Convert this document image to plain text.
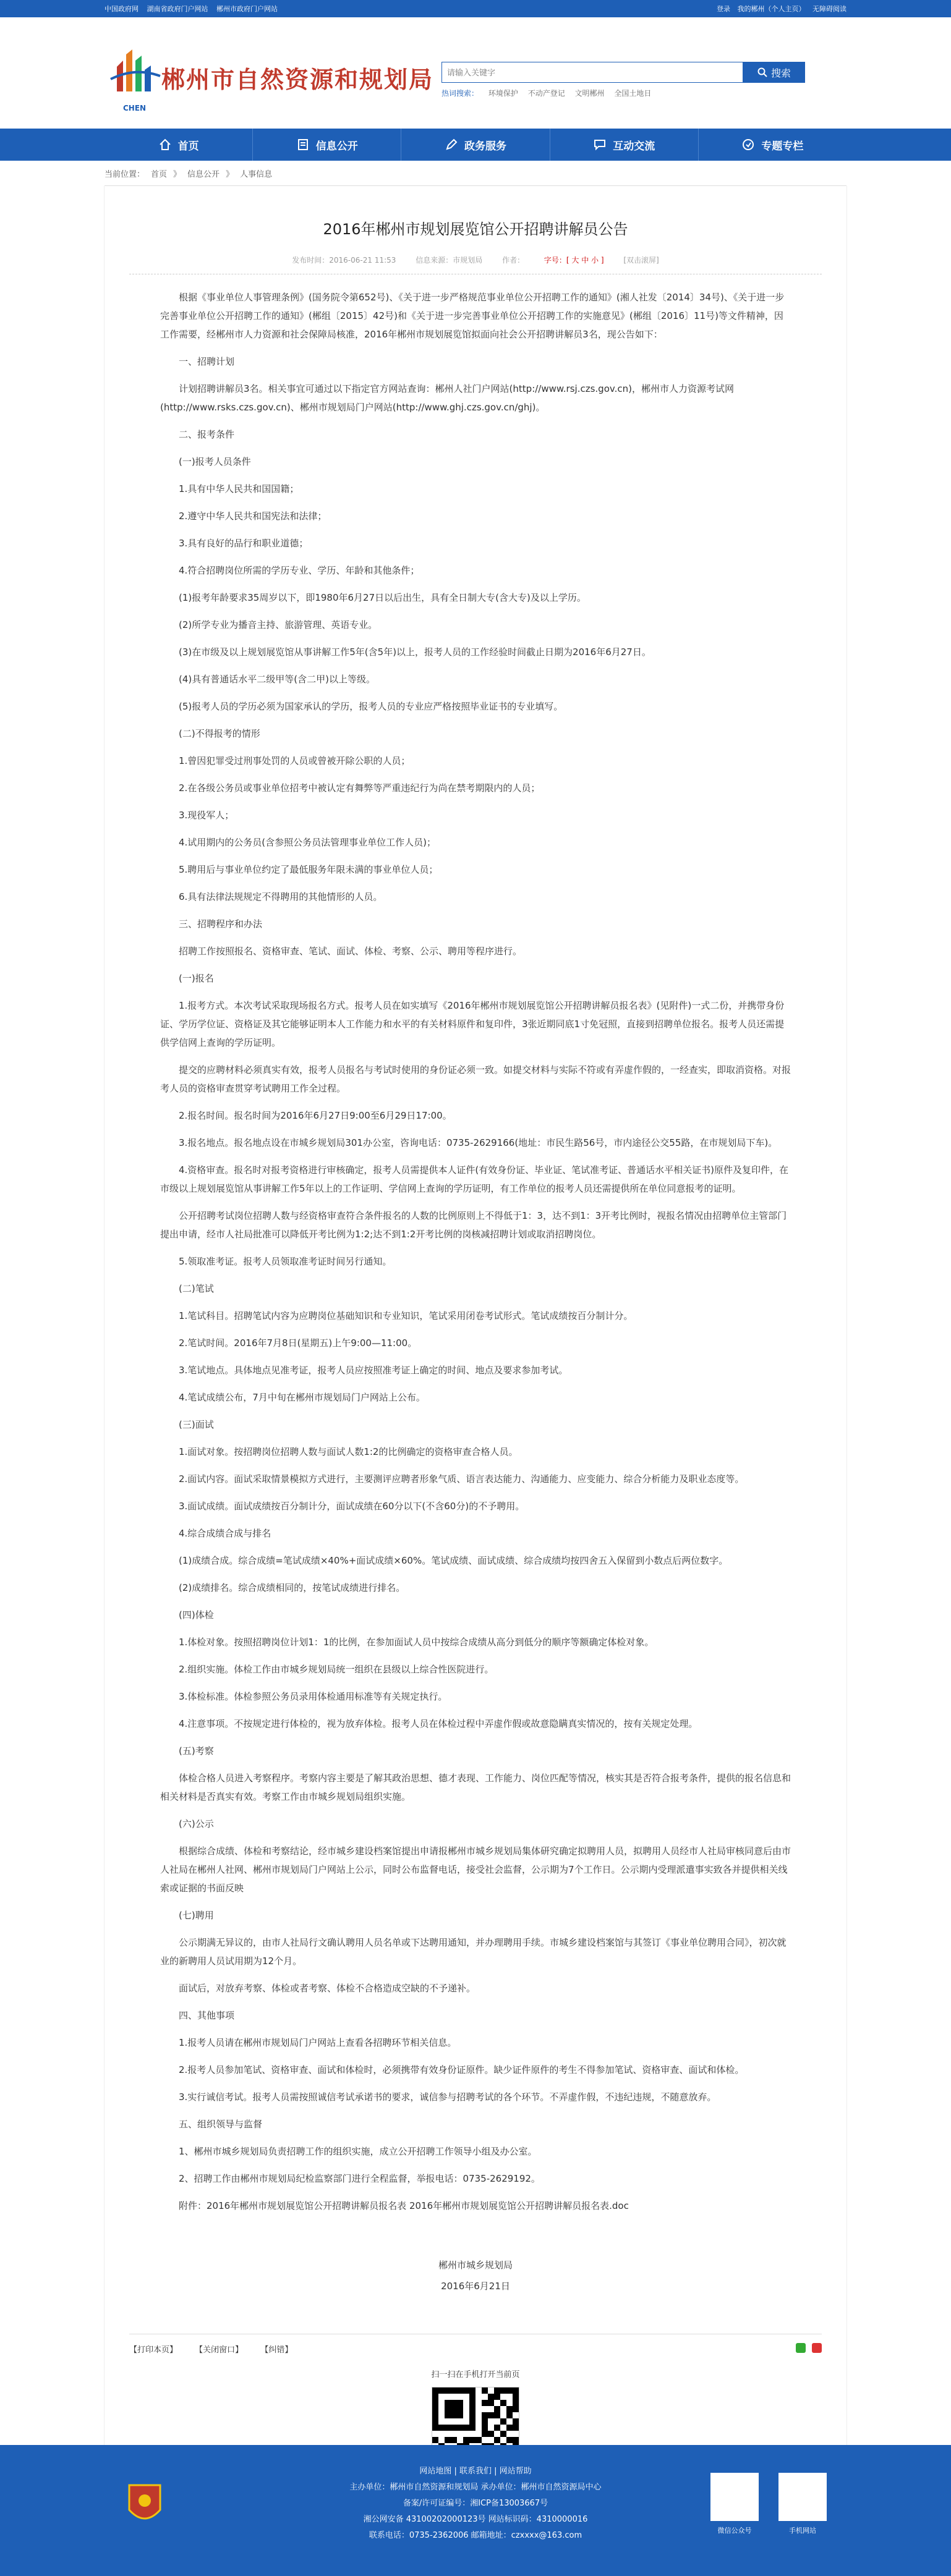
中国政府网 湖南省政府门户网站 郴州市政府门户网站	登录 我的郴州（个人主页） 无障碍阅读
郴州市自然资源和规划局
CHEN
请输入关键字
搜索
热词搜索： 环境保护 不动产登记 文明郴州 全国土地日
首页	信息公开	政务服务	互动交流	专题专栏
当前位置： 首页 》 信息公开 》 人事信息
2016年郴州市规划展览馆公开招聘讲解员公告
发布时间：2016-06-21 11:53	信息来源：市规划局	作者：	字号：[ 大 中 小 ]	[双击滚屏]

根据《事业单位人事管理条例》(国务院令第652号)、《关于进一步严格规范事业单位公开招聘工作的通知》(湘人社发〔2014〕34号)、《关于进一步完善事业单位公开招聘工作的通知》(郴组〔2015〕42号)和《关于进一步完善事业单位公开招聘工作的实施意见》(郴组〔2016〕11号)等文件精神，因工作需要，经郴州市人力资源和社会保障局核准，2016年郴州市规划展览馆拟面向社会公开招聘讲解员3名，现公告如下：

一、招聘计划

计划招聘讲解员3名。相关事宜可通过以下指定官方网站查询：郴州人社门户网站(http://www.rsj.czs.gov.cn)，郴州市人力资源考试网(http://www.rsks.czs.gov.cn)、郴州市规划局门户网站(http://www.ghj.czs.gov.cn/ghj)。

二、报考条件

(一)报考人员条件

1.具有中华人民共和国国籍；

2.遵守中华人民共和国宪法和法律；

3.具有良好的品行和职业道德；

4.符合招聘岗位所需的学历专业、学历、年龄和其他条件；

(1)报考年龄要求35周岁以下，即1980年6月27日以后出生，具有全日制大专(含大专)及以上学历。

(2)所学专业为播音主持、旅游管理、英语专业。

(3)在市级及以上规划展览馆从事讲解工作5年(含5年)以上，报考人员的工作经验时间截止日期为2016年6月27日。

(4)具有普通话水平二级甲等(含二甲)以上等级。

(5)报考人员的学历必须为国家承认的学历，报考人员的专业应严格按照毕业证书的专业填写。

(二)不得报考的情形

1.曾因犯罪受过刑事处罚的人员或曾被开除公职的人员；

2.在各级公务员或事业单位招考中被认定有舞弊等严重违纪行为尚在禁考期限内的人员；

3.现役军人；

4.试用期内的公务员(含参照公务员法管理事业单位工作人员)；

5.聘用后与事业单位约定了最低服务年限未满的事业单位人员；

6.具有法律法规规定不得聘用的其他情形的人员。

三、招聘程序和办法

招聘工作按照报名、资格审查、笔试、面试、体检、考察、公示、聘用等程序进行。

(一)报名

1.报考方式。本次考试采取现场报名方式。报考人员在如实填写《2016年郴州市规划展览馆公开招聘讲解员报名表》(见附件)一式二份，并携带身份证、学历学位证、资格证及其它能够证明本人工作能力和水平的有关材料原件和复印件，3张近期同底1寸免冠照，直接到招聘单位报名。报考人员还需提供学信网上查询的学历证明。

提交的应聘材料必须真实有效，报考人员报名与考试时使用的身份证必须一致。如提交材料与实际不符或有弄虚作假的，一经查实，即取消资格。对报考人员的资格审查贯穿考试聘用工作全过程。

2.报名时间。报名时间为2016年6月27日9:00至6月29日17:00。

3.报名地点。报名地点设在市城乡规划局301办公室，咨询电话：0735-2629166(地址：市民生路56号，市内途径公交55路，在市规划局下车)。

4.资格审查。报名时对报考资格进行审核确定，报考人员需提供本人证件(有效身份证、毕业证、笔试准考证、普通话水平相关证书)原件及复印件，在市级以上规划展览馆从事讲解工作5年以上的工作证明、学信网上查询的学历证明，有工作单位的报考人员还需提供所在单位同意报考的证明。

公开招聘考试岗位招聘人数与经资格审查符合条件报名的人数的比例原则上不得低于1：3，达不到1：3开考比例时，视报名情况由招聘单位主管部门提出申请，经市人社局批准可以降低开考比例为1:2;达不到1:2开考比例的岗核减招聘计划或取消招聘岗位。

5.领取准考证。报考人员领取准考证时间另行通知。

(二)笔试

1.笔试科目。招聘笔试内容为应聘岗位基础知识和专业知识，笔试采用闭卷考试形式。笔试成绩按百分制计分。

2.笔试时间。2016年7月8日(星期五)上午9:00—11:00。

3.笔试地点。具体地点见准考证，报考人员应按照准考证上确定的时间、地点及要求参加考试。

4.笔试成绩公布，7月中旬在郴州市规划局门户网站上公布。

(三)面试

1.面试对象。按招聘岗位招聘人数与面试人数1:2的比例确定的资格审查合格人员。

2.面试内容。面试采取情景模拟方式进行，主要测评应聘者形象气质、语言表达能力、沟通能力、应变能力、综合分析能力及职业态度等。

3.面试成绩。面试成绩按百分制计分，面试成绩在60分以下(不含60分)的不予聘用。

4.综合成绩合成与排名

(1)成绩合成。综合成绩=笔试成绩×40%+面试成绩×60%。笔试成绩、面试成绩、综合成绩均按四舍五入保留到小数点后两位数字。

(2)成绩排名。综合成绩相同的，按笔试成绩进行排名。

(四)体检

1.体检对象。按照招聘岗位计划1：1的比例，在参加面试人员中按综合成绩从高分到低分的顺序等额确定体检对象。

2.组织实施。体检工作由市城乡规划局统一组织在县级以上综合性医院进行。

3.体检标准。体检参照公务员录用体检通用标准等有关规定执行。

4.注意事项。不按规定进行体检的，视为放弃体检。报考人员在体检过程中弄虚作假或故意隐瞒真实情况的，按有关规定处理。

(五)考察

体检合格人员进入考察程序。考察内容主要是了解其政治思想、德才表现、工作能力、岗位匹配等情况，核实其是否符合报考条件，提供的报名信息和相关材料是否真实有效。考察工作由市城乡规划局组织实施。

(六)公示

根据综合成绩、体检和考察结论，经市城乡建设档案馆提出申请报郴州市城乡规划局集体研究确定拟聘用人员，拟聘用人员经市人社局审核同意后由市人社局在郴州人社网、郴州市规划局门户网站上公示，同时公布监督电话，接受社会监督，公示期为7个工作日。公示期内受理派遣事实致各并提供相关线索或证据的书面反映

(七)聘用

公示期满无异议的，由市人社局行文确认聘用人员名单或下达聘用通知，并办理聘用手续。市城乡建设档案馆与其签订《事业单位聘用合同》，初次就业的新聘用人员试用期为12个月。

面试后，对放弃考察、体检或者考察、体检不合格造成空缺的不予递补。

四、其他事项

1.报考人员请在郴州市规划局门户网站上查看各招聘环节相关信息。

2.报考人员参加笔试、资格审查、面试和体检时，必须携带有效身份证原件。缺少证件原件的考生不得参加笔试、资格审查、面试和体检。

3.实行诚信考试。报考人员需按照诚信考试承诺书的要求，诚信参与招聘考试的各个环节。不弄虚作假，不违纪违规，不随意放弃。

五、组织领导与监督

1、郴州市城乡规划局负责招聘工作的组织实施，成立公开招聘工作领导小组及办公室。

2、招聘工作由郴州市规划局纪检监察部门进行全程监督，举报电话：0735-2629192。

附件：2016年郴州市规划展览馆公开招聘讲解员报名表 2016年郴州市规划展览馆公开招聘讲解员报名表.doc

郴州市城乡规划局
2016年6月21日
【打印本页】 【关闭窗口】 【纠错】

扫一扫在手机打开当前页
网站地图 | 联系我们 | 网站帮助
主办单位：郴州市自然资源和规划局 承办单位：郴州市自然资源局中心
备案/许可证编号：湘ICP备13003667号
湘公网安备 43100202000123号 网站标识码：4310000016
联系电话：0735-2362006 邮箱地址：czxxxx@163.com
微信公众号	手机网站
